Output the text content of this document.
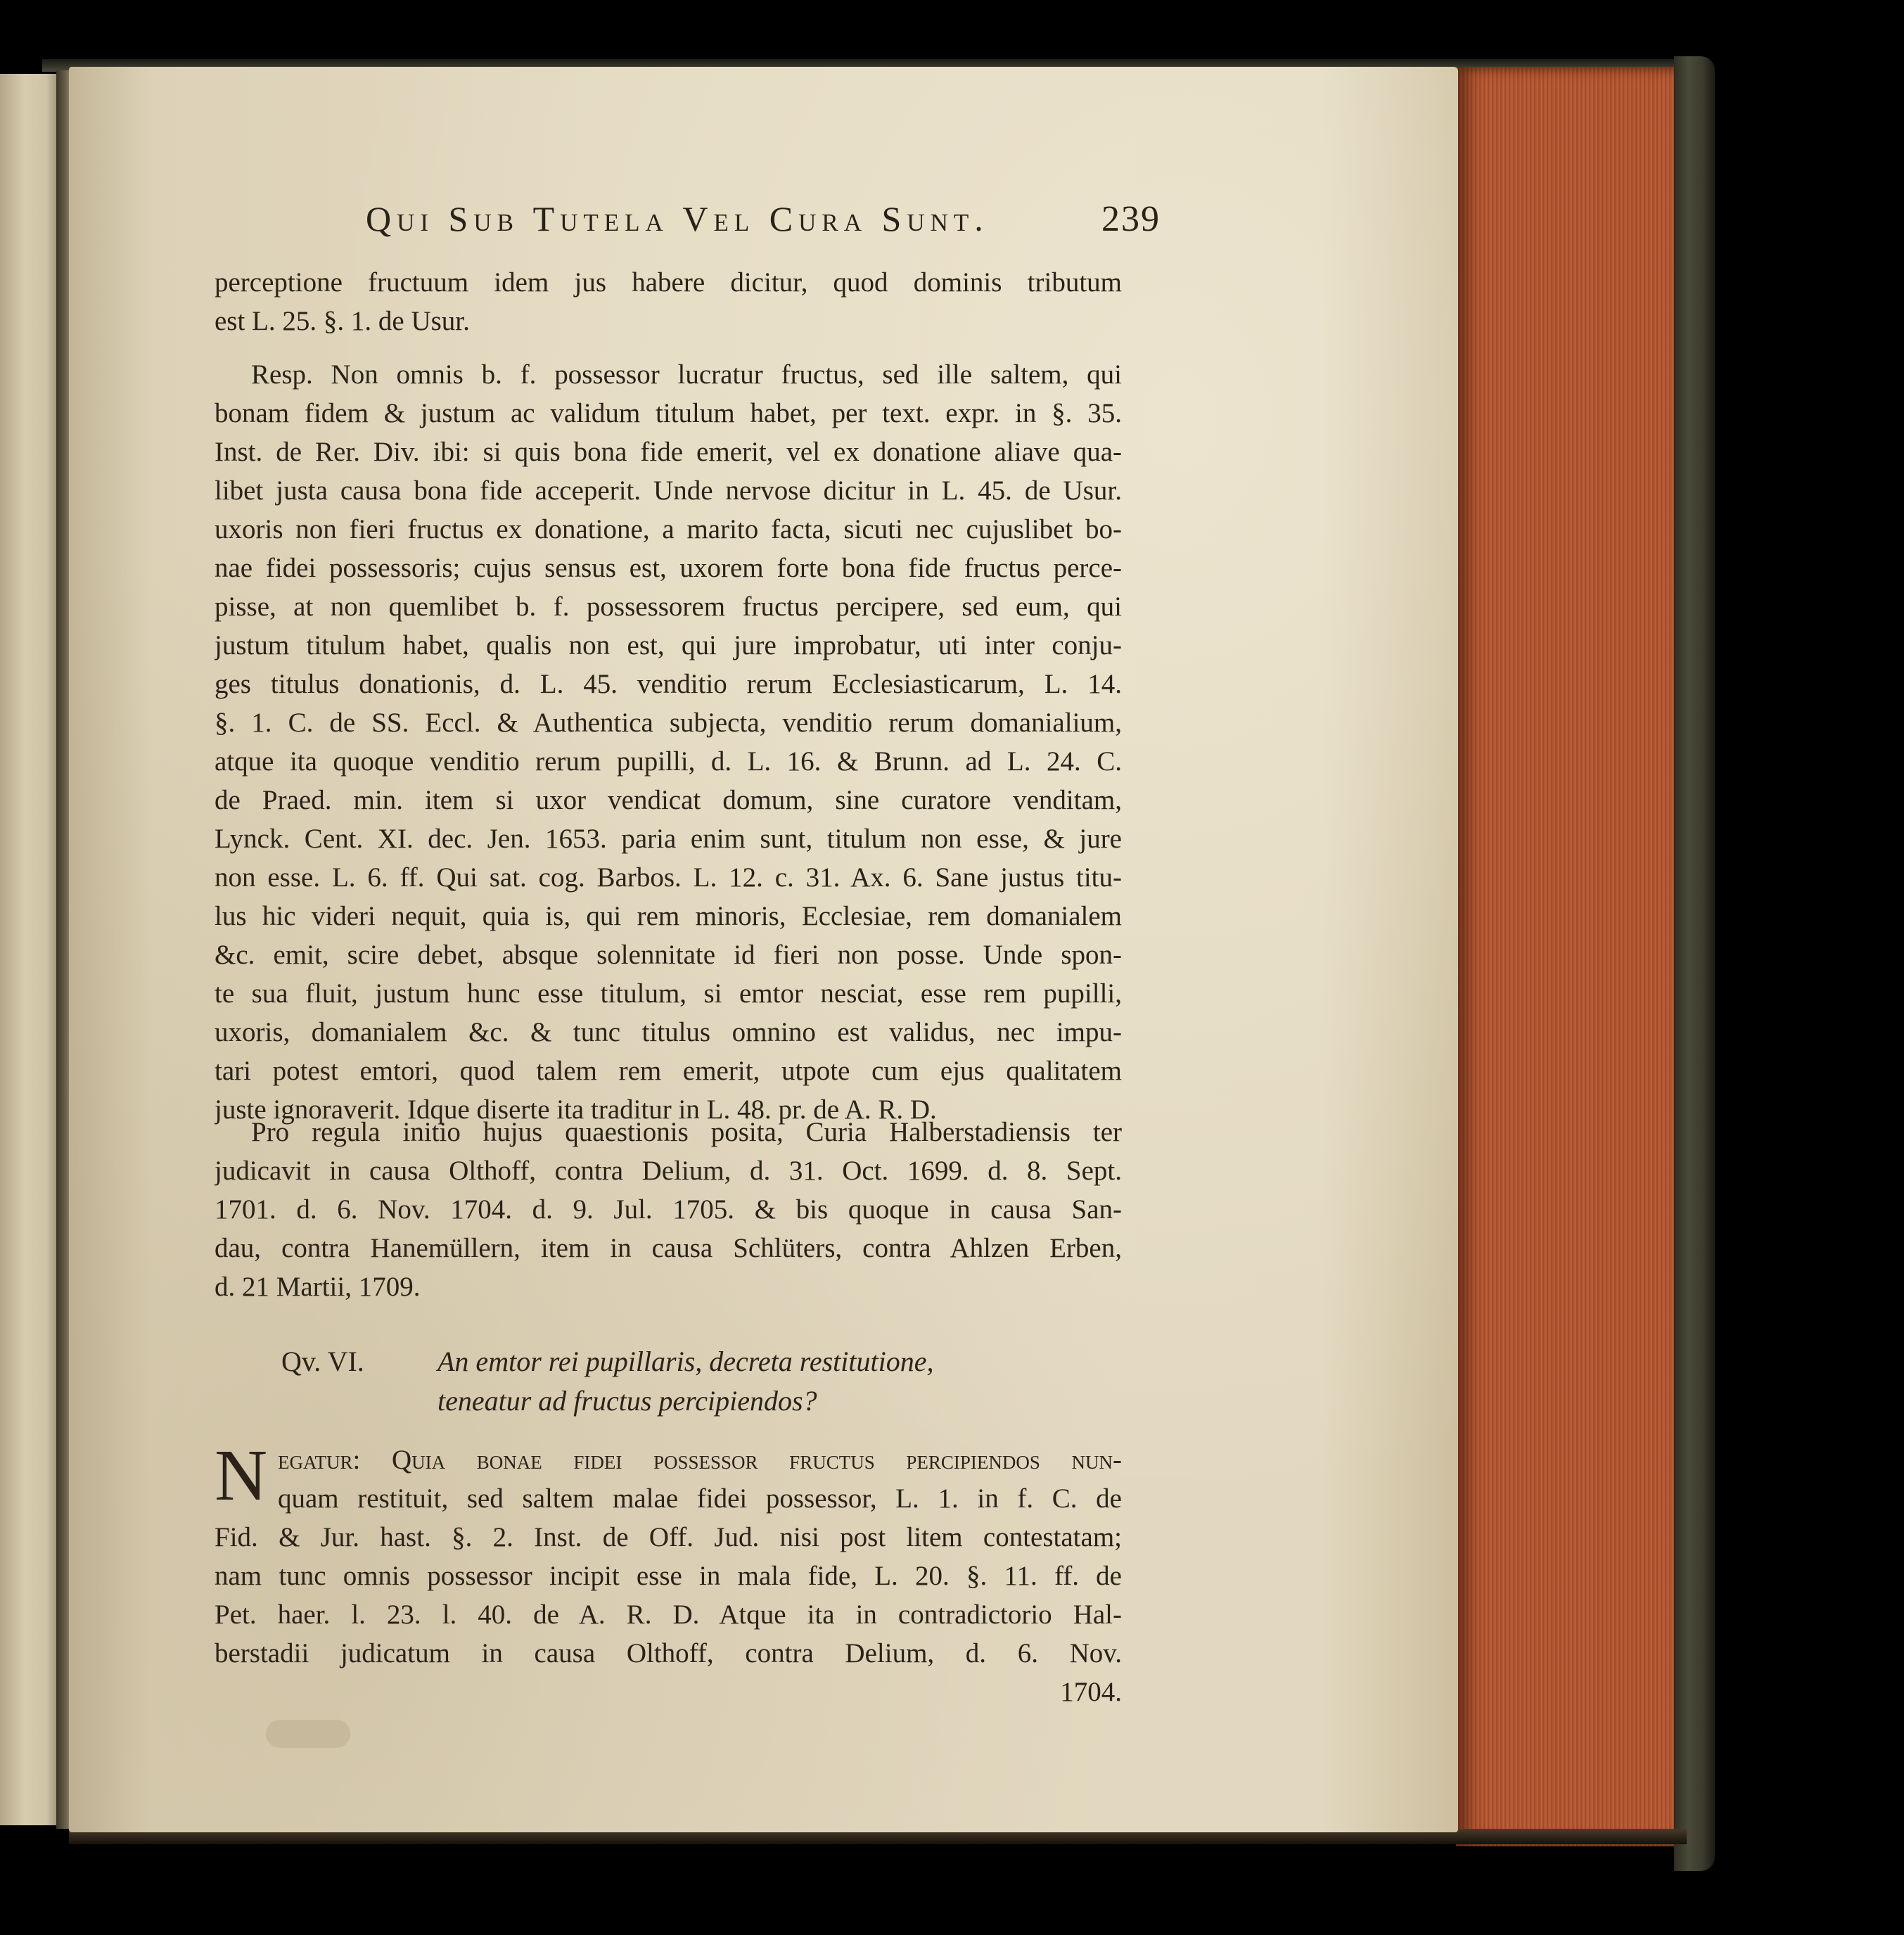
Qui Sub Tutela Vel Cura Sunt.	239
perceptione fructuum idem jus habere dicitur, quod dominis tributum
est L. 25. §. 1. de Usur.
Resp. Non omnis b. f. possessor lucratur fructus, sed ille saltem, qui
bonam fidem & justum ac validum titulum habet, per text. expr. in §. 35.
Inst. de Rer. Div. ibi: si quis bona fide emerit, vel ex donatione aliave qua-
libet justa causa bona fide acceperit. Unde nervose dicitur in L. 45. de Usur.
uxoris non fieri fructus ex donatione, a marito facta, sicuti nec cujuslibet bo-
nae fidei possessoris; cujus sensus est, uxorem forte bona fide fructus perce-
pisse, at non quemlibet b. f. possessorem fructus percipere, sed eum, qui
justum titulum habet, qualis non est, qui jure improbatur, uti inter conju-
ges titulus donationis, d. L. 45. venditio rerum Ecclesiasticarum, L. 14.
§. 1. C. de SS. Eccl. & Authentica subjecta, venditio rerum domanialium,
atque ita quoque venditio rerum pupilli, d. L. 16. & Brunn. ad L. 24. C.
de Praed. min. item si uxor vendicat domum, sine curatore venditam,
Lynck. Cent. XI. dec. Jen. 1653. paria enim sunt, titulum non esse, & jure
non esse. L. 6. ff. Qui sat. cog. Barbos. L. 12. c. 31. Ax. 6. Sane justus titu-
lus hic videri nequit, quia is, qui rem minoris, Ecclesiae, rem domanialem
&c. emit, scire debet, absque solennitate id fieri non posse. Unde spon-
te sua fluit, justum hunc esse titulum, si emtor nesciat, esse rem pupilli,
uxoris, domanialem &c. & tunc titulus omnino est validus, nec impu-
tari potest emtori, quod talem rem emerit, utpote cum ejus qualitatem
juste ignoraverit. Idque diserte ita traditur in L. 48. pr. de A. R. D.
Pro regula initio hujus quaestionis posita, Curia Halberstadiensis ter
judicavit in causa Olthoff, contra Delium, d. 31. Oct. 1699. d. 8. Sept.
1701. d. 6. Nov. 1704. d. 9. Jul. 1705. & bis quoque in causa San-
dau, contra Hanemüllern, item in causa Schlüters, contra Ahlzen Erben,
d. 21 Martii, 1709.
Qv. VI.	An emtor rei pupillaris, decreta restitutione,
teneatur ad fructus percipiendos?
N egatur: Quia bonae fidei possessor fructus percipiendos nun-
quam restituit, sed saltem malae fidei possessor, L. 1. in f. C. de
Fid. & Jur. hast. §. 2. Inst. de Off. Jud. nisi post litem contestatam;
nam tunc omnis possessor incipit esse in mala fide, L. 20. §. 11. ff. de
Pet. haer. l. 23. l. 40. de A. R. D. Atque ita in contradictorio Hal-
berstadii judicatum in causa Olthoff, contra Delium, d. 6. Nov.
1704.
